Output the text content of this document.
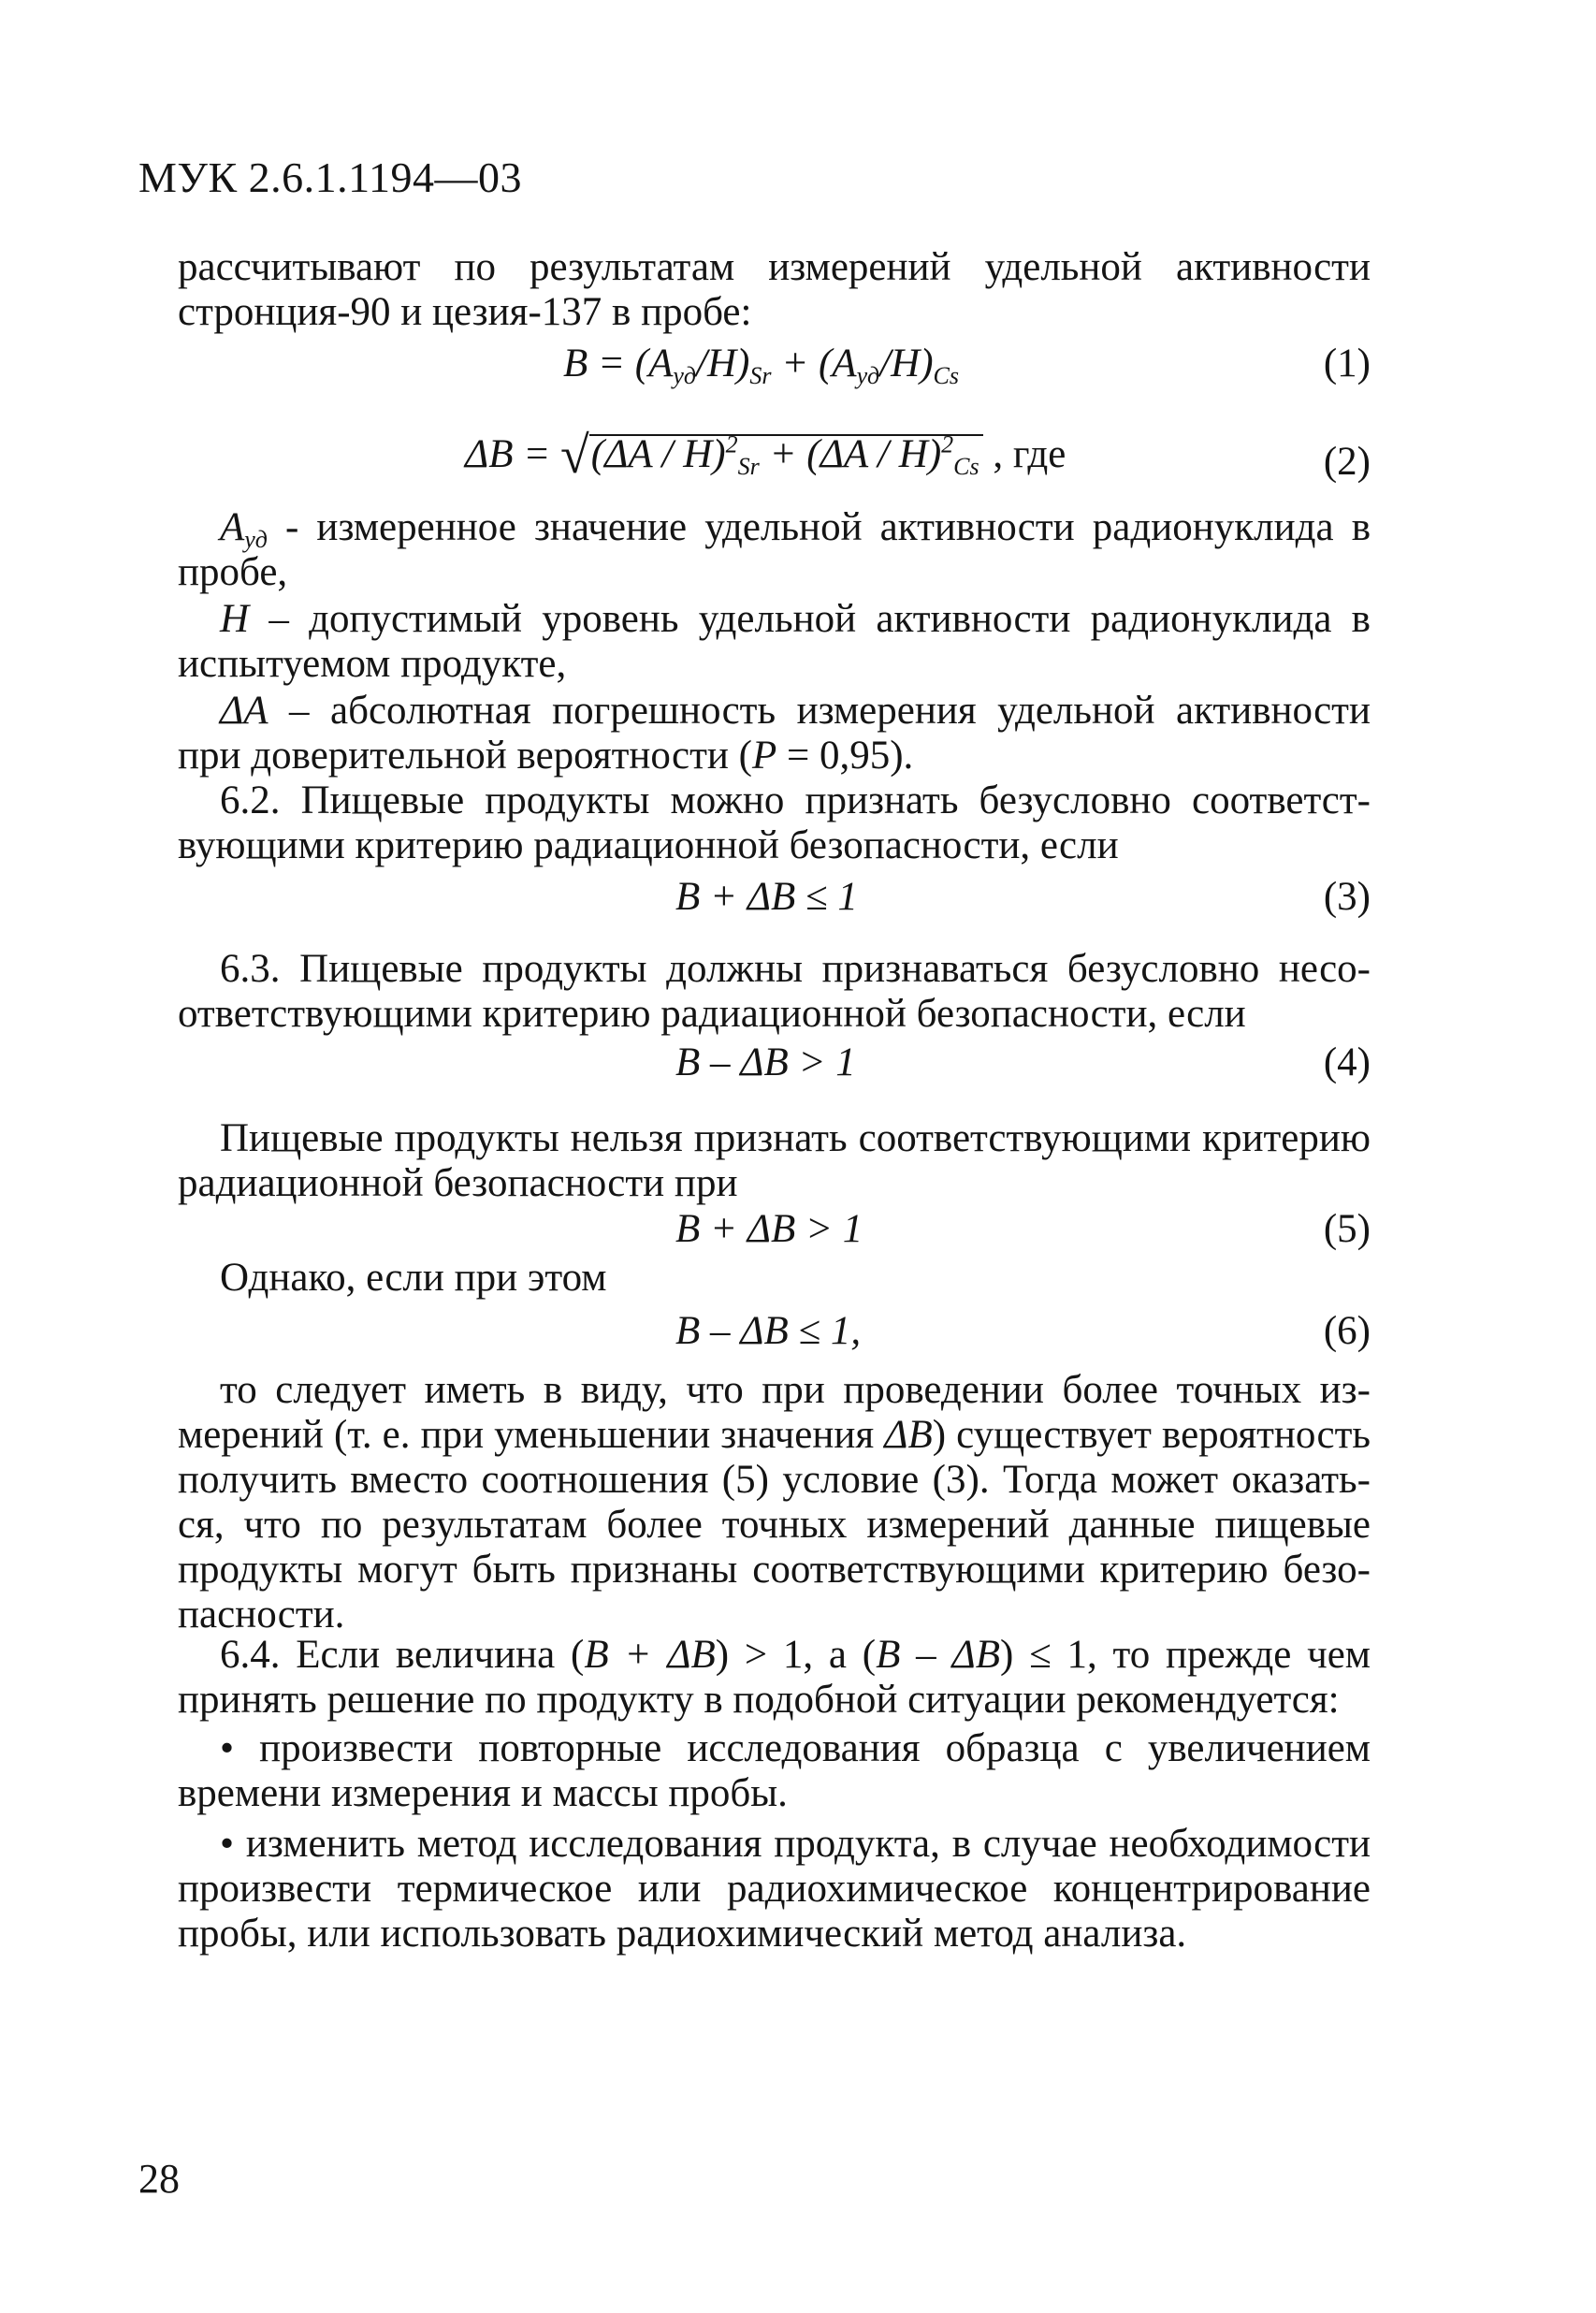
МУК 2.6.1.1194—03

рассчитывают по результатам измерений удельной активности стронция-90 и цезия-137 в пробе:

$B = (A_{уд}/H)_{Sr} + (A_{уд}/H)_{Cs}$	(1)
ΔB = √(ΔA / H)$^2_{Sr}$ + (ΔA / H)$^2_{Cs}$ , где	(2)

$A_{уд}$ - измеренное значение удельной активности радионуклида в пробе,

H – допустимый уровень удельной активности радионуклида в испытуемом продукте,

ΔA – абсолютная погрешность измерения удельной активности при доверительной вероятности (P = 0,95).

6.2. Пищевые продукты можно признать безусловно соответствующими критерию радиационной безопасности, если

B + ΔB ≤ 1	(3)

6.3. Пищевые продукты должны признаваться безусловно несоответствующими критерию радиационной безопасности, если

B – ΔB > 1	(4)

Пищевые продукты нельзя признать соответствующими критерию радиационной безопасности при

B + ΔB > 1	(5)
Однако, если при этом
B – ΔB ≤ 1,	(6)

то следует иметь в виду, что при проведении более точных измерений (т. е. при уменьшении значения ΔB) существует вероятность получить вместо соотношения (5) условие (3). Тогда может оказаться, что по результатам более точных измерений данные пищевые продукты могут быть признаны соответствующими критерию безопасности.

6.4. Если величина (B + ΔB) > 1, а (B – ΔB) ≤ 1, то прежде чем принять решение по продукту в подобной ситуации рекомендуется:

• произвести повторные исследования образца с увеличением времени измерения и массы пробы.

• изменить метод исследования продукта, в случае необходимости произвести термическое или радиохимическое концентрирование пробы, или использовать радиохимический метод анализа.

28
